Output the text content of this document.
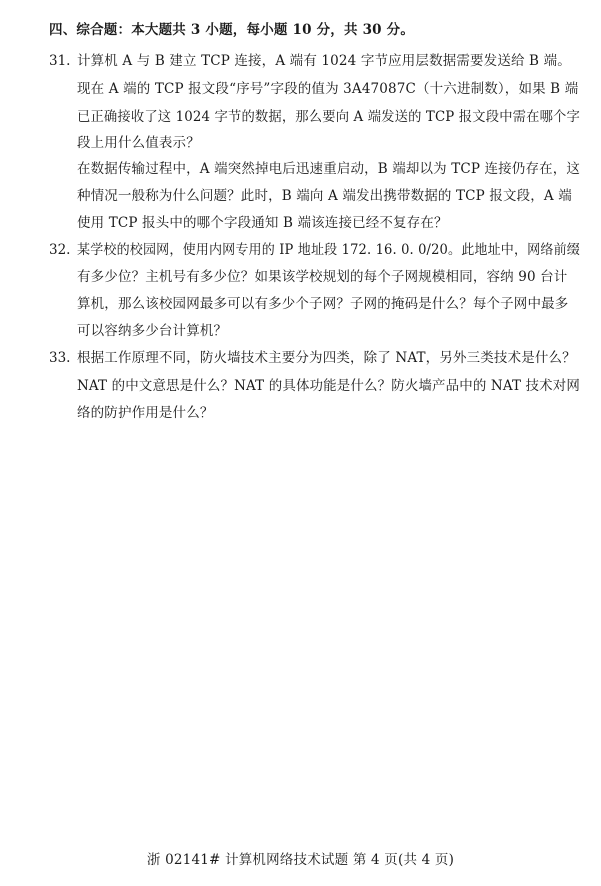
四、综合题：本大题共 3 小题，每小题 10 分，共 30 分。
31. 计算机 A 与 B 建立 TCP 连接，A 端有 1024 字节应用层数据需要发送给 B 端。
现在 A 端的 TCP 报文段“序号”字段的值为 3A47087C（十六进制数），如果 B 端
已正确接收了这 1024 字节的数据，那么要向 A 端发送的 TCP 报文段中需在哪个字
段上用什么值表示？
在数据传输过程中，A 端突然掉电后迅速重启动，B 端却以为 TCP 连接仍存在，这
种情况一般称为什么问题？此时，B 端向 A 端发出携带数据的 TCP 报文段，A 端
使用 TCP 报头中的哪个字段通知 B 端该连接已经不复存在？
32. 某学校的校园网，使用内网专用的 IP 地址段 172. 16. 0. 0/20。此地址中，网络前缀
有多少位？主机号有多少位？如果该学校规划的每个子网规模相同，容纳 90 台计
算机，那么该校园网最多可以有多少个子网？子网的掩码是什么？每个子网中最多
可以容纳多少台计算机？
33. 根据工作原理不同，防火墙技术主要分为四类，除了 NAT，另外三类技术是什么？
NAT 的中文意思是什么？NAT 的具体功能是什么？防火墙产品中的 NAT 技术对网
络的防护作用是什么？
浙 02141# 计算机网络技术试题 第 4 页(共 4 页)
